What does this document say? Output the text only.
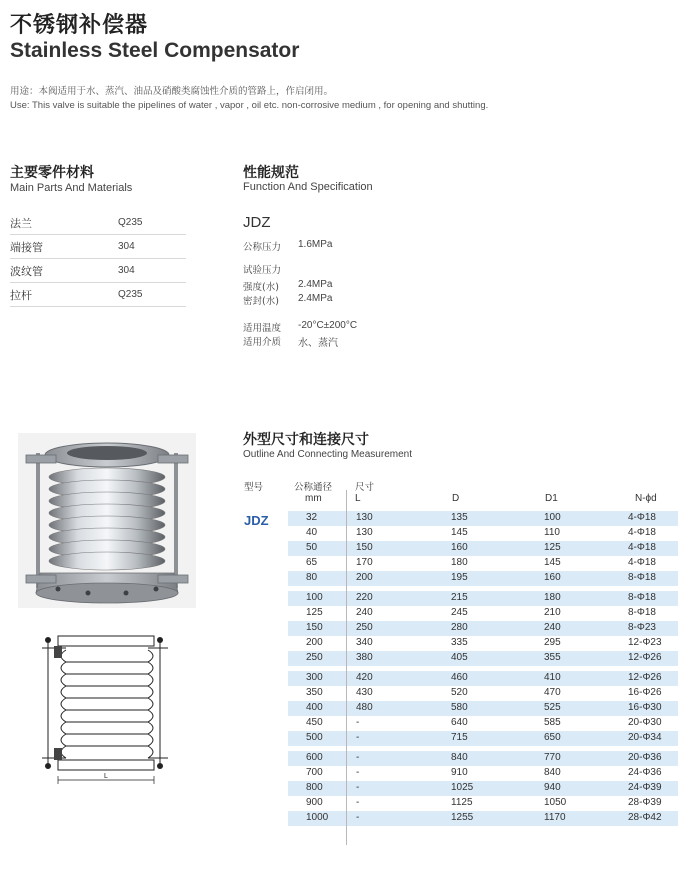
不锈钢补偿器
Stainless Steel Compensator
用途：本阀适用于水、蒸汽、油品及硝酸类腐蚀性介质的管路上，作启闭用。
Use: This valve is suitable the pipelines of water , vapor , oil etc. non-corrosive medium , for opening and shutting.
主要零件材料
Main Parts And Materials
法兰	Q235
端接管	304
波纹管	304
拉杆	Q235
性能规范
Function And Specification
JDZ
公称压力	1.6MPa
试验压力
强度(水)	2.4MPa
密封(水)	2.4MPa
适用温度	-20°C±200°C
适用介质	水、蒸汽
L
外型尺寸和连接尺寸
Outline And Connecting Measurement
型号	公称通径
mm
尺寸
L	D	D1	N-ϕd
JDZ	32	130	135	100	4-Φ18
40	130	145	110	4-Φ18
50	150	160	125	4-Φ18
65	170	180	145	4-Φ18
80	200	195	160	8-Φ18
100	220	215	180	8-Φ18
125	240	245	210	8-Φ18
150	250	280	240	8-Φ23
200	340	335	295	12-Φ23
250	380	405	355	12-Φ26
300	420	460	410	12-Φ26
350	430	520	470	16-Φ26
400	480	580	525	16-Φ30
450	-	640	585	20-Φ30
500	-	715	650	20-Φ34
600	-	840	770	20-Φ36
700	-	910	840	24-Φ36
800	-	1025	940	24-Φ39
900	-	1125	1050	28-Φ39
1000	-	1255	1170	28-Φ42
